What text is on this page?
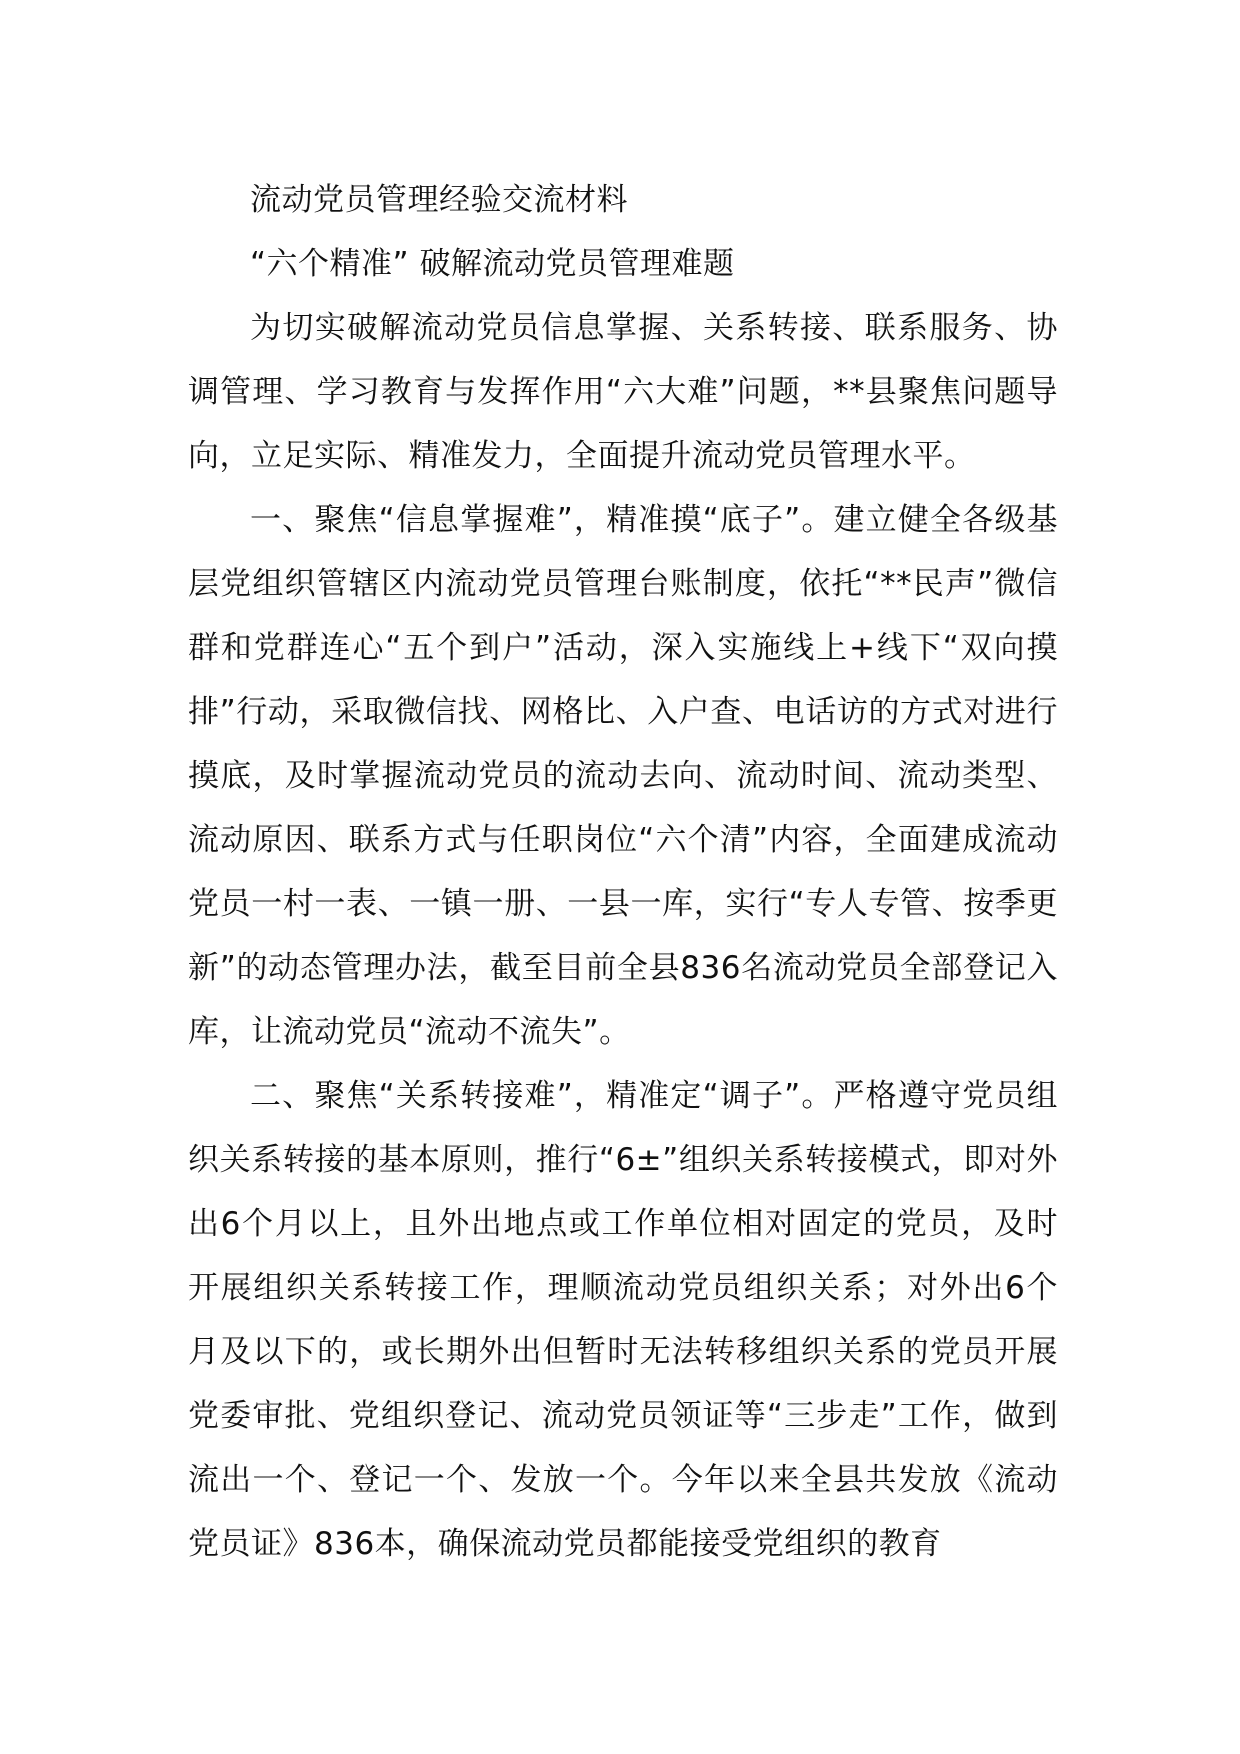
流动党员管理经验交流材料

“六个精准” 破解流动党员管理难题

为切实破解流动党员信息掌握、关系转接、联系服务、协调管理、学习教育与发挥作用“六大难”问题，**县聚焦问题导向，立足实际、精准发力，全面提升流动党员管理水平。

一、聚焦“信息掌握难”，精准摸“底子”。建立健全各级基层党组织管辖区内流动党员管理台账制度，依托“**民声”微信群和党群连心“五个到户”活动，深入实施线上+线下“双向摸排”行动，采取微信找、网格比、入户查、电话访的方式对进行摸底，及时掌握流动党员的流动去向、流动时间、流动类型、流动原因、联系方式与任职岗位“六个清”内容，全面建成流动党员一村一表、一镇一册、一县一库，实行“专人专管、按季更新”的动态管理办法，截至目前全县836名流动党员全部登记入库，让流动党员“流动不流失”。

二、聚焦“关系转接难”，精准定“调子”。严格遵守党员组织关系转接的基本原则，推行“6±”组织关系转接模式，即对外出6个月以上，且外出地点或工作单位相对固定的党员，及时开展组织关系转接工作，理顺流动党员组织关系；对外出6个月及以下的，或长期外出但暂时无法转移组织关系的党员开展党委审批、党组织登记、流动党员领证等“三步走”工作，做到流出一个、登记一个、发放一个。今年以来全县共发放《流动党员证》836本，确保流动党员都能接受党组织的教育
